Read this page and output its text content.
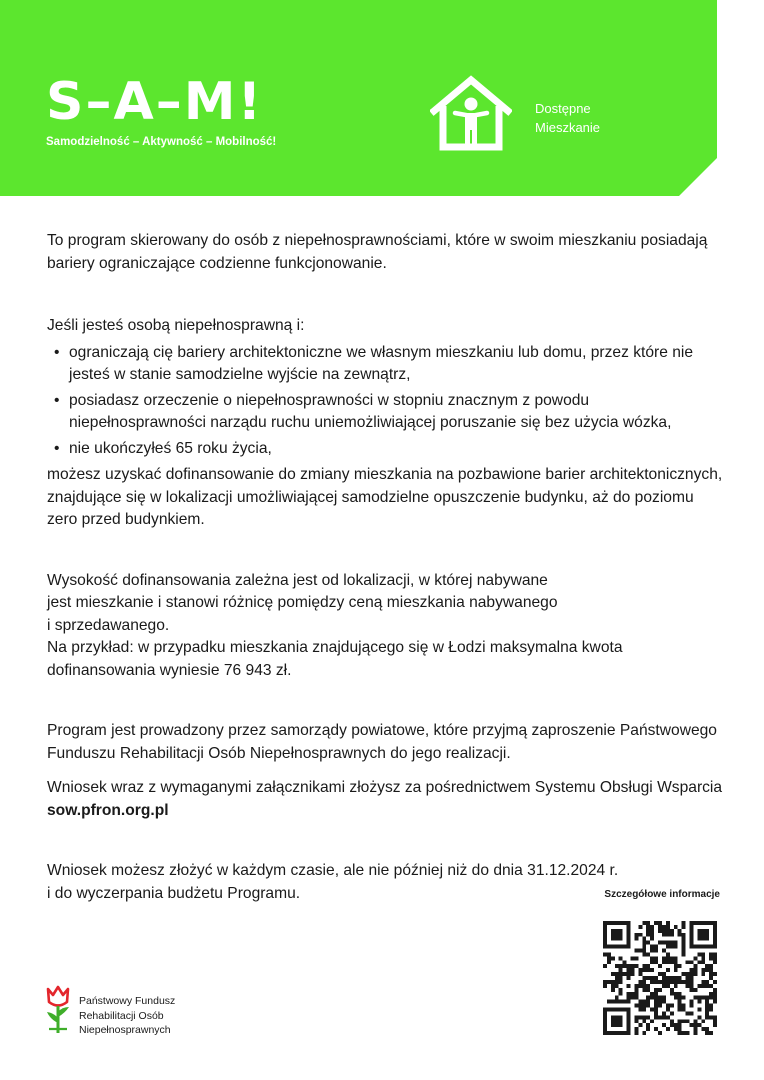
S–A–M!
Samodzielność – Aktywność – Mobilność!
Dostępne
Mieszkanie

To program skierowany do osób z niepełnosprawnościami, które w swoim mieszkaniu posiadają bariery ograniczające codzienne funkcjonowanie.

Jeśli jesteś osobą niepełnosprawną i:

• ograniczają cię bariery architektoniczne we własnym mieszkaniu lub domu, przez które nie jesteś w stanie samodzielne wyjście na zewnątrz,
• posiadasz orzeczenie o niepełnosprawności w stopniu znacznym z powodu niepełnosprawności narządu ruchu uniemożliwiającej poruszanie się bez użycia wózka,
• nie ukończyłeś 65 roku życia,

możesz uzyskać dofinansowanie do zmiany mieszkania na pozbawione barier architektonicznych, znajdujące się w lokalizacji umożliwiającej samodzielne opuszczenie budynku, aż do poziomu zero przed budynkiem.

Wysokość dofinansowania zależna jest od lokalizacji, w której nabywane

jest mieszkanie i stanowi różnicę pomiędzy ceną mieszkania nabywanego

i sprzedawanego.

Na przykład: w przypadku mieszkania znajdującego się w Łodzi maksymalna kwota dofinansowania wyniesie 76 943 zł.

Program jest prowadzony przez samorządy powiatowe, które przyjmą zaproszenie Państwowego Funduszu Rehabilitacji Osób Niepełnosprawnych do jego realizacji.

Wniosek wraz z wymaganymi załącznikami złożysz za pośrednictwem Systemu Obsługi Wsparcia sow.pfron.org.pl

Wniosek możesz złożyć w każdym czasie, ale nie później niż do dnia 31.12.2024 r.

i do wyczerpania budżetu Programu.	Szczegółowe informacje
Państwowy Fundusz
Rehabilitacji Osób
Niepełnosprawnych
